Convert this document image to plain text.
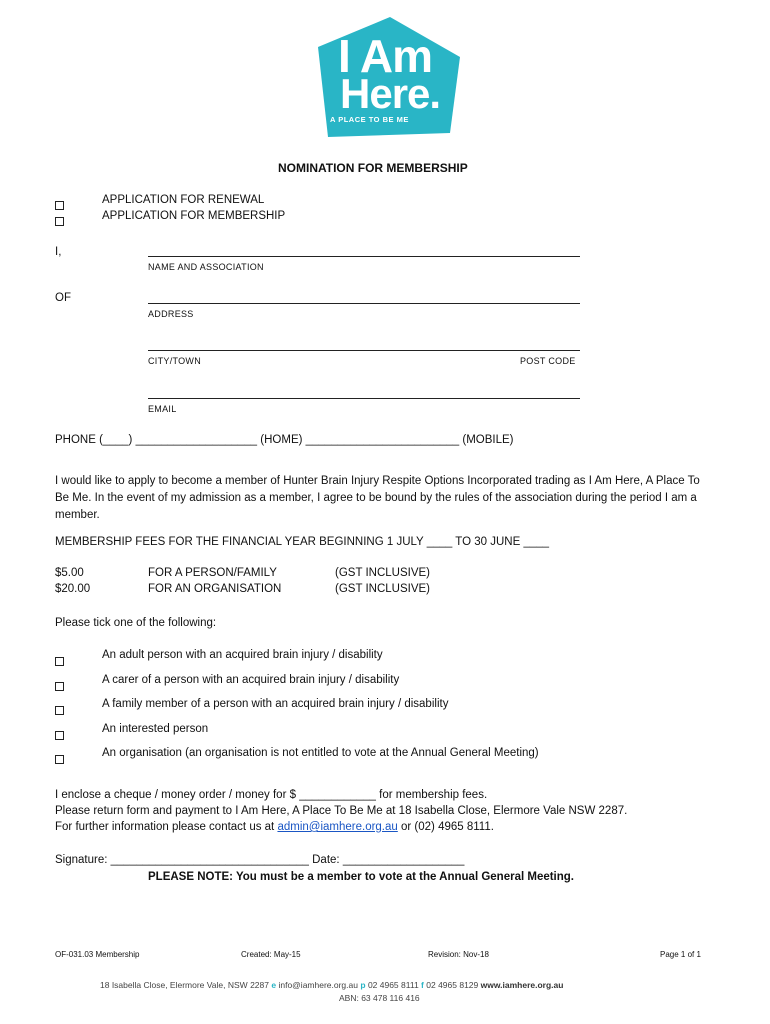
I Am
Here.
A PLACE TO BE ME
NOMINATION FOR MEMBERSHIP
APPLICATION FOR RENEWAL
APPLICATION FOR MEMBERSHIP
I,
NAME AND ASSOCIATION
OF
ADDRESS
CITY/TOWN	POST CODE
EMAIL
PHONE (____) ___________________ (HOME) ________________________ (MOBILE)
I would like to apply to become a member of Hunter Brain Injury Respite Options Incorporated trading as I Am Here, A Place To Be Me. In the event of my admission as a member, I agree to be bound by the rules of the association during the period I am a member.
MEMBERSHIP FEES FOR THE FINANCIAL YEAR BEGINNING 1 JULY ____ TO 30 JUNE ____
$5.00	FOR A PERSON/FAMILY	(GST INCLUSIVE)
$20.00	FOR AN ORGANISATION	(GST INCLUSIVE)
Please tick one of the following:
An adult person with an acquired brain injury / disability
A carer of a person with an acquired brain injury / disability
A family member of a person with an acquired brain injury / disability
An interested person
An organisation (an organisation is not entitled to vote at the Annual General Meeting)
I enclose a cheque / money order / money for $ ____________ for membership fees.
Please return form and payment to I Am Here, A Place To Be Me at 18 Isabella Close, Elermore Vale NSW 2287.
For further information please contact us at admin@iamhere.org.au or (02) 4965 8111.
Signature: _______________________________ Date: ___________________
PLEASE NOTE: You must be a member to vote at the Annual General Meeting.
OF-031.03 Membership	Created: May-15	Revision: Nov-18	Page 1 of 1
18 Isabella Close, Elermore Vale, NSW 2287 e info@iamhere.org.au p 02 4965 8111 f 02 4965 8129 www.iamhere.org.au
ABN: 63 478 116 416
